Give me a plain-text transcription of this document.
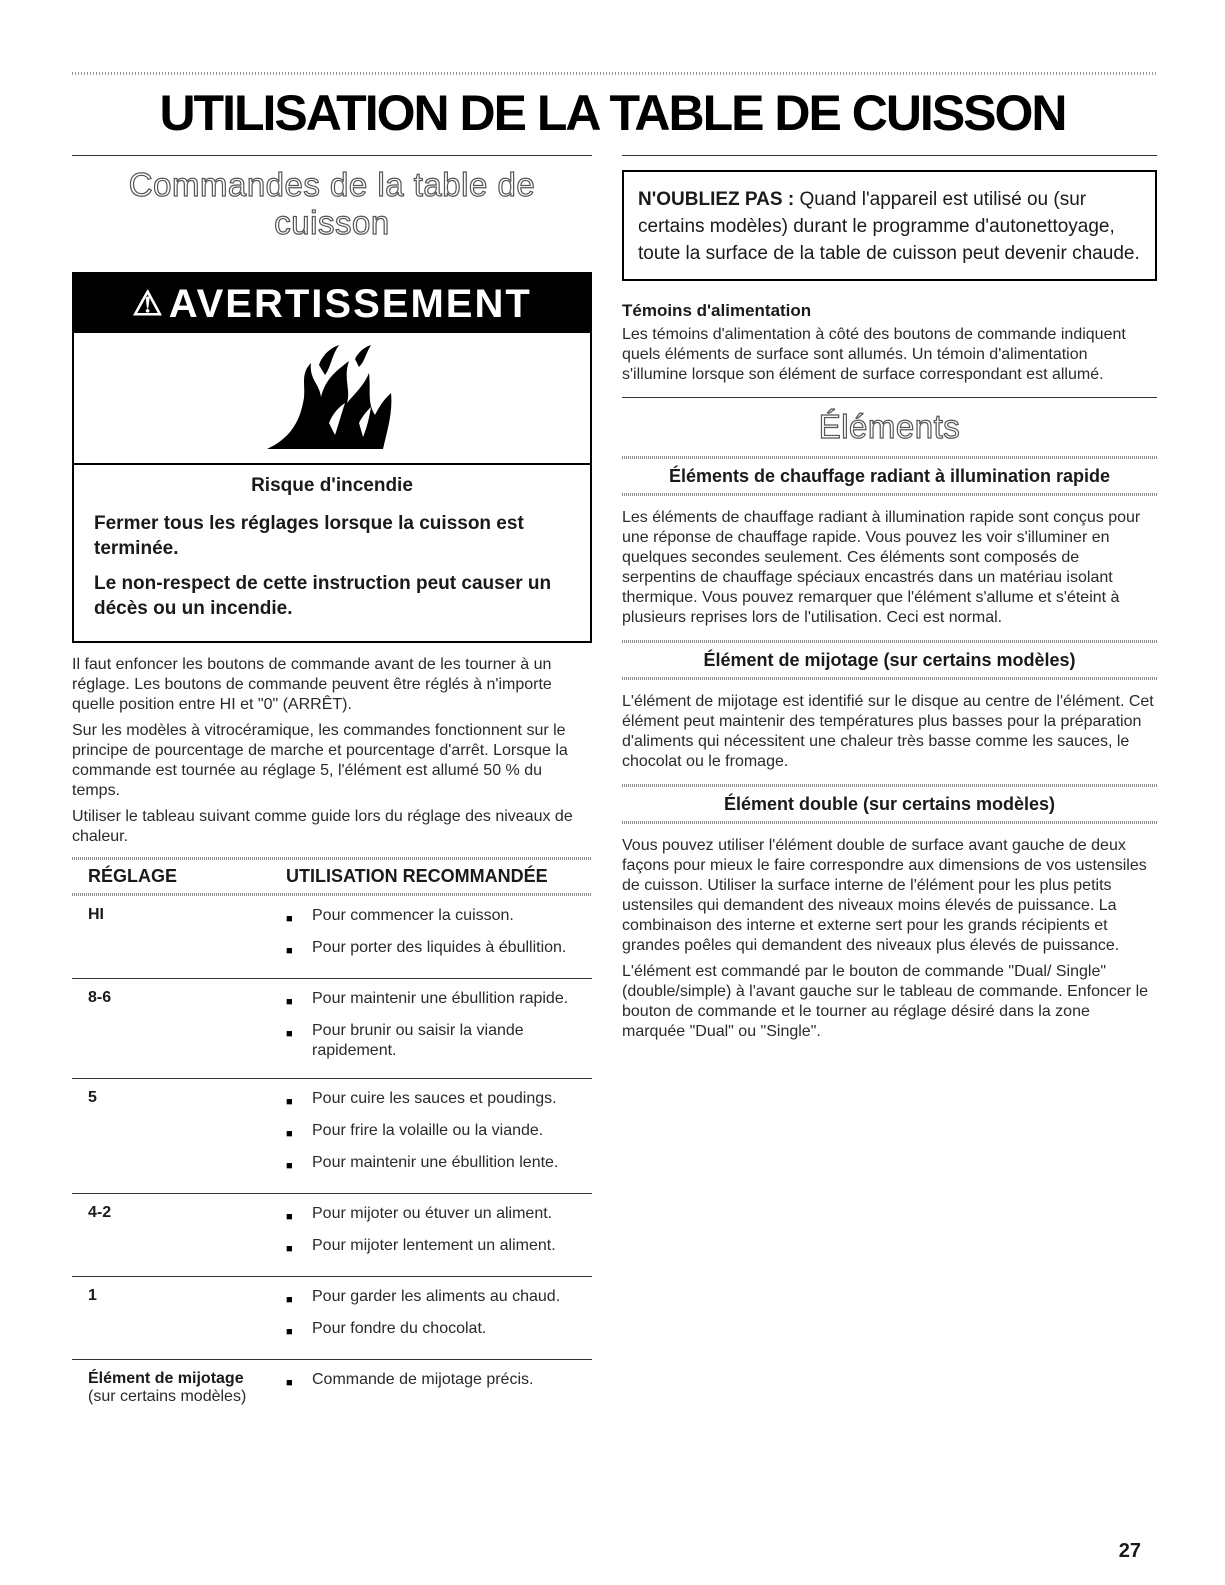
UTILISATION DE LA TABLE DE CUISSON
Commandes de la table de cuisson
⚠ AVERTISSEMENT
Risque d'incendie
Fermer tous les réglages lorsque la cuisson est terminée.
Le non-respect de cette instruction peut causer un décès ou un incendie.

Il faut enfoncer les boutons de commande avant de les tourner à un réglage. Les boutons de commande peuvent être réglés à n'importe quelle position entre HI et "0" (ARRÊT).

Sur les modèles à vitrocéramique, les commandes fonctionnent sur le principe de pourcentage de marche et pourcentage d'arrêt. Lorsque la commande est tournée au réglage 5, l'élément est allumé 50 % du temps.

Utiliser le tableau suivant comme guide lors du réglage des niveaux de chaleur.

RÉGLAGE	UTILISATION RECOMMANDÉE
HI	■	Pour commencer la cuisson.
■	Pour porter des liquides à ébullition.
8-6	■	Pour maintenir une ébullition rapide.
■	Pour brunir ou saisir la viande rapidement.
5	■	Pour cuire les sauces et poudings.
■	Pour frire la volaille ou la viande.
■	Pour maintenir une ébullition lente.
4-2	■	Pour mijoter ou étuver un aliment.
■	Pour mijoter lentement un aliment.
1	■	Pour garder les aliments au chaud.
■	Pour fondre du chocolat.
Élément de mijotage
(sur certains modèles)
■	Commande de mijotage précis.
N'OUBLIEZ PAS : Quand l'appareil est utilisé ou (sur certains modèles) durant le programme d'autonettoyage, toute la surface de la table de cuisson peut devenir chaude.
Témoins d'alimentation

Les témoins d'alimentation à côté des boutons de commande indiquent quels éléments de surface sont allumés. Un témoin d'alimentation s'illumine lorsque son élément de surface correspondant est allumé.

Éléments
Éléments de chauffage radiant à illumination rapide

Les éléments de chauffage radiant à illumination rapide sont conçus pour une réponse de chauffage rapide. Vous pouvez les voir s'illuminer en quelques secondes seulement. Ces éléments sont composés de serpentins de chauffage spéciaux encastrés dans un matériau isolant thermique. Vous pouvez remarquer que l'élément s'allume et s'éteint à plusieurs reprises lors de l'utilisation. Ceci est normal.

Élément de mijotage (sur certains modèles)

L'élément de mijotage est identifié sur le disque au centre de l'élément. Cet élément peut maintenir des températures plus basses pour la préparation d'aliments qui nécessitent une chaleur très basse comme les sauces, le chocolat ou le fromage.

Élément double (sur certains modèles)

Vous pouvez utiliser l'élément double de surface avant gauche de deux façons pour mieux le faire correspondre aux dimensions de vos ustensiles de cuisson. Utiliser la surface interne de l'élément pour les plus petits ustensiles qui demandent des niveaux moins élevés de puissance. La combinaison des interne et externe sert pour les grands récipients et grandes poêles qui demandent des niveaux plus élevés de puissance.

L'élément est commandé par le bouton de commande "Dual/ Single" (double/simple) à l'avant gauche sur le tableau de commande. Enfoncer le bouton de commande et le tourner au réglage désiré dans la zone marquée "Dual" ou "Single".

27
